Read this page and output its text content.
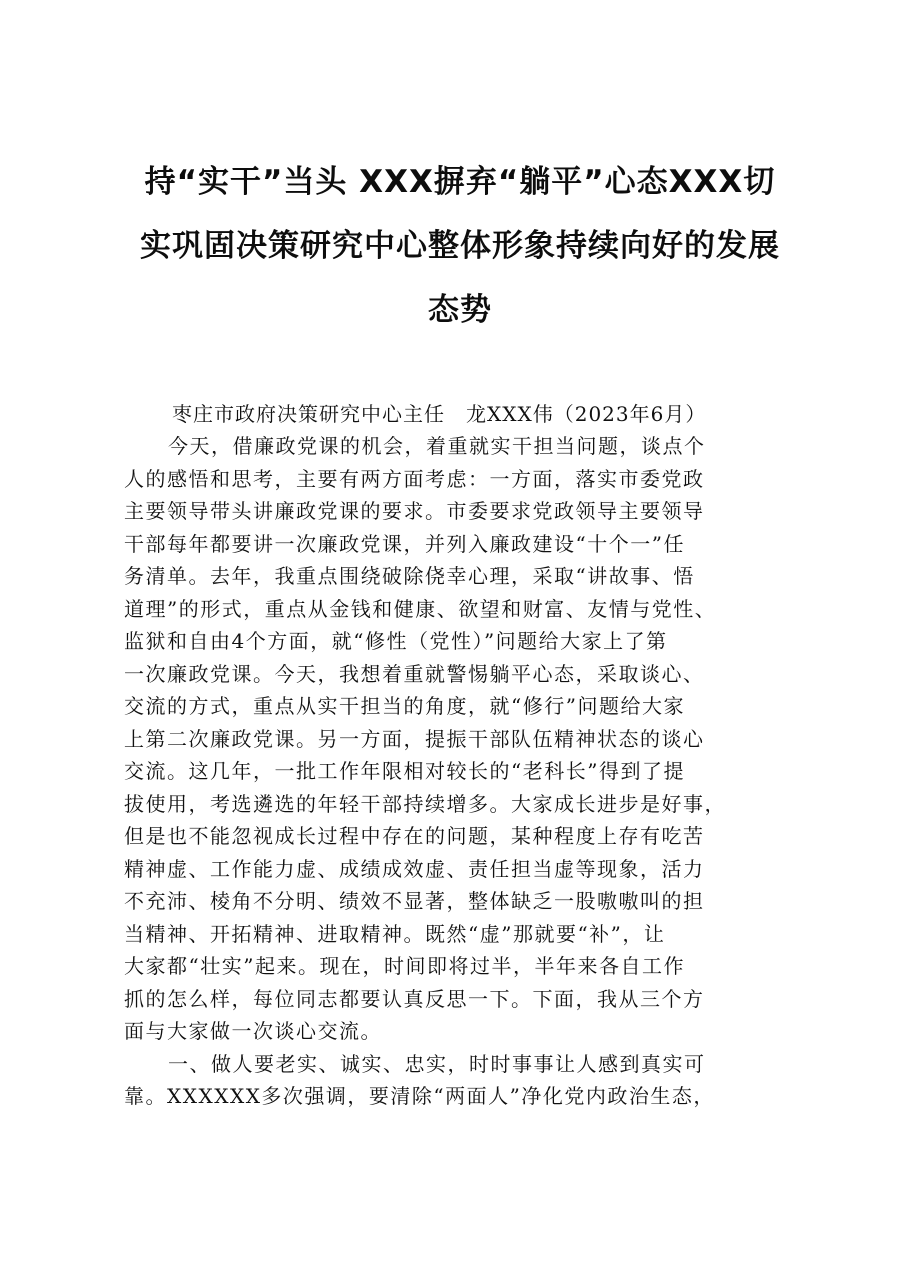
持“实干”当头 XXX摒弃“躺平”心态XXX切
实巩固决策研究中心整体形象持续向好的发展
态势
枣庄市政府决策研究中心主任　龙XXX伟（2023年6月）

今天，借廉政党课的机会，着重就实干担当问题，谈点个
人的感悟和思考，主要有两方面考虑：一方面，落实市委党政
主要领导带头讲廉政党课的要求。市委要求党政领导主要领导
干部每年都要讲一次廉政党课，并列入廉政建设“十个一”任
务清单。去年，我重点围绕破除侥幸心理，采取“讲故事、悟
道理”的形式，重点从金钱和健康、欲望和财富、友情与党性、
监狱和自由4个方面，就“修性（党性）”问题给大家上了第
一次廉政党课。今天，我想着重就警惕躺平心态，采取谈心、
交流的方式，重点从实干担当的角度，就“修行”问题给大家
上第二次廉政党课。另一方面，提振干部队伍精神状态的谈心
交流。这几年，一批工作年限相对较长的“老科长”得到了提
拔使用，考选遴选的年轻干部持续增多。大家成长进步是好事，
但是也不能忽视成长过程中存在的问题，某种程度上存有吃苦
精神虚、工作能力虚、成绩成效虚、责任担当虚等现象，活力
不充沛、棱角不分明、绩效不显著，整体缺乏一股嗷嗷叫的担
当精神、开拓精神、进取精神。既然“虚”那就要“补”，让
大家都“壮实”起来。现在，时间即将过半，半年来各自工作
抓的怎么样，每位同志都要认真反思一下。下面，我从三个方
面与大家做一次谈心交流。

一、做人要老实、诚实、忠实，时时事事让人感到真实可
靠。XXXXXX多次强调，要清除“两面人”净化党内政治生态，
